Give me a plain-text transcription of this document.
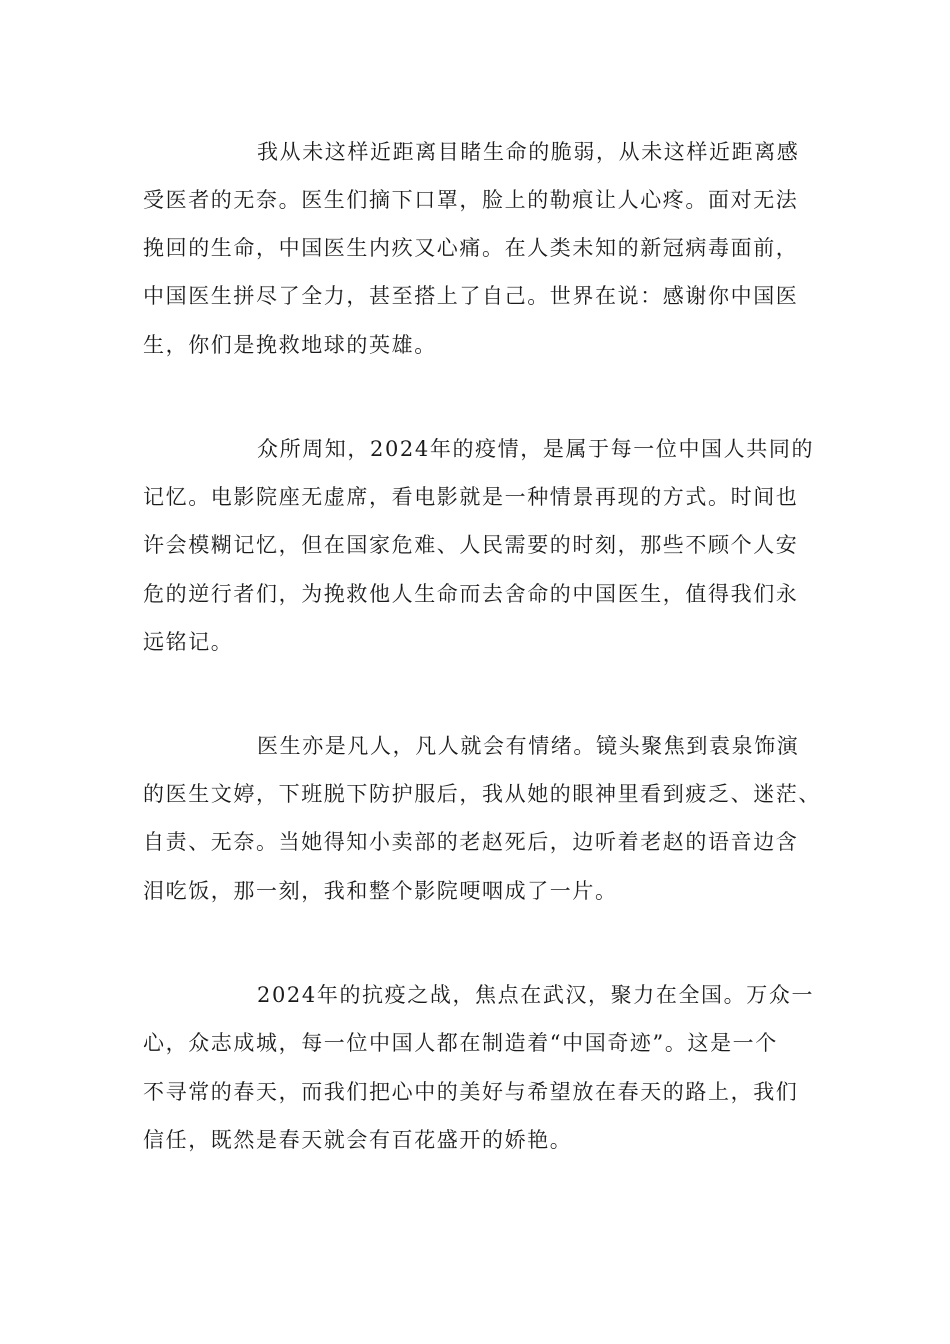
我从未这样近距离目睹生命的脆弱，从未这样近距离感
受医者的无奈。医生们摘下口罩，脸上的勒痕让人心疼。面对无法
挽回的生命，中国医生内疚又心痛。在人类未知的新冠病毒面前，
中国医生拼尽了全力，甚至搭上了自己。世界在说：感谢你中国医
生，你们是挽救地球的英雄。
众所周知，2024年的疫情，是属于每一位中国人共同的
记忆。电影院座无虚席，看电影就是一种情景再现的方式。时间也
许会模糊记忆，但在国家危难、人民需要的时刻，那些不顾个人安
危的逆行者们，为挽救他人生命而去舍命的中国医生，值得我们永
远铭记。
医生亦是凡人，凡人就会有情绪。镜头聚焦到袁泉饰演
的医生文婷，下班脱下防护服后，我从她的眼神里看到疲乏、迷茫、
自责、无奈。当她得知小卖部的老赵死后，边听着老赵的语音边含
泪吃饭，那一刻，我和整个影院哽咽成了一片。
2024年的抗疫之战，焦点在武汉，聚力在全国。万众一
心，众志成城，每一位中国人都在制造着“中国奇迹”。这是一个
不寻常的春天，而我们把心中的美好与希望放在春天的路上，我们
信任，既然是春天就会有百花盛开的娇艳。
